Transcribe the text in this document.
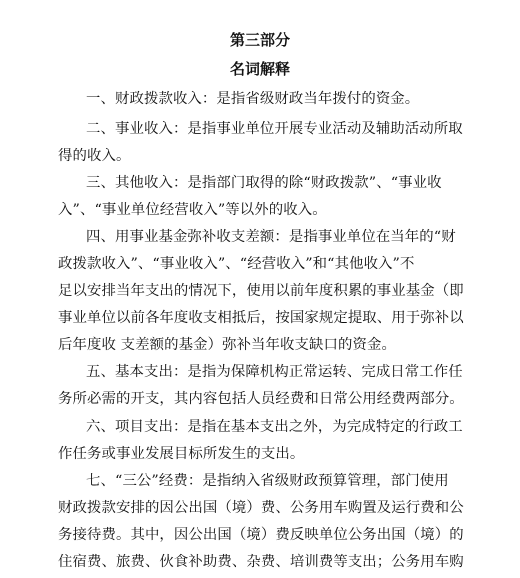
第三部分
名词解释
一、财政拨款收入：是指省级财政当年拨付的资金。
二、事业收入：是指事业单位开展专业活动及辅助活动所取
得的收入。
三、其他收入：是指部门取得的除“财政拨款”、“事业收
入”、“事业单位经营收入”等以外的收入。
四、用事业基金弥补收支差额：是指事业单位在当年的“财
政拨款收入”、“事业收入”、“经营收入”和“其他收入”不
足以安排当年支出的情况下，使用以前年度积累的事业基金（即
事业单位以前各年度收支相抵后，按国家规定提取、用于弥补以
后年度收 支差额的基金）弥补当年收支缺口的资金。
五、基本支出：是指为保障机构正常运转、完成日常工作任
务所必需的开支，其内容包括人员经费和日常公用经费两部分。
六、项目支出：是指在基本支出之外，为完成特定的行政工
作任务或事业发展目标所发生的支出。
七、“三公”经费：是指纳入省级财政预算管理，部门使用
财政拨款安排的因公出国（境）费、公务用车购置及运行费和公
务接待费。其中，因公出国（境）费反映单位公务出国（境）的
住宿费、旅费、伙食补助费、杂费、培训费等支出；公务用车购
